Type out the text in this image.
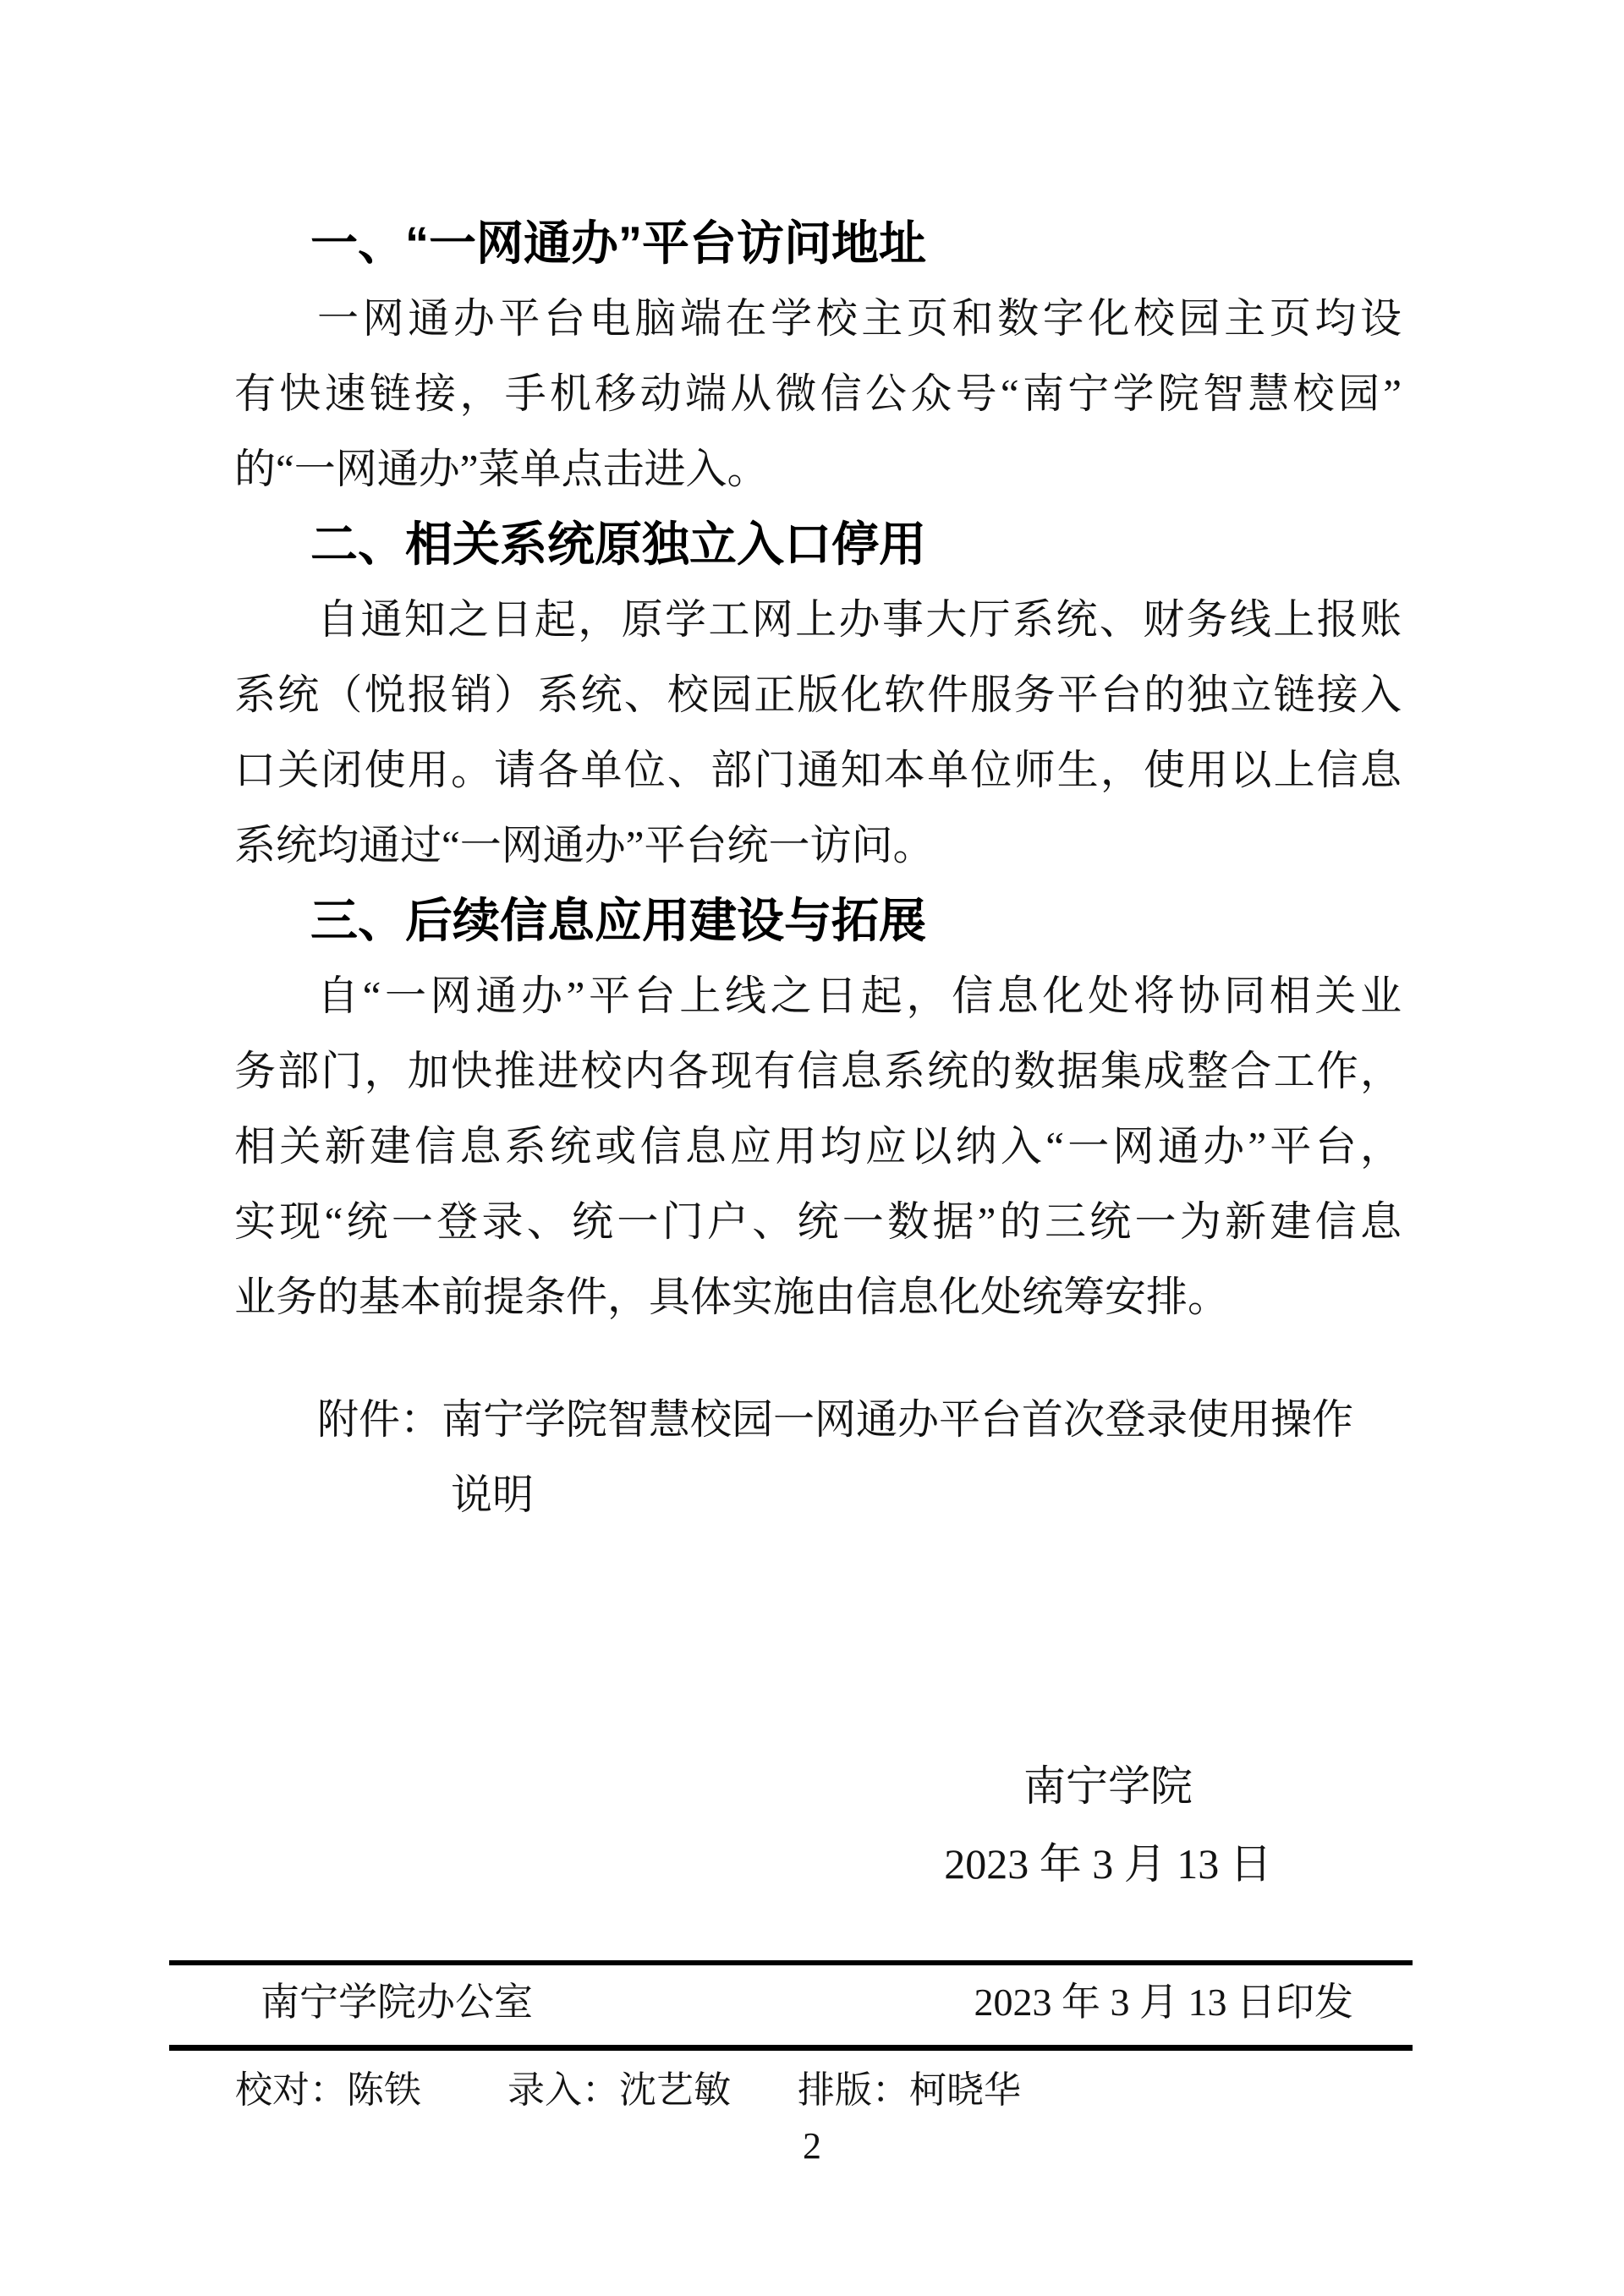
一、“一网通办”平台访问地址
一网通办平台电脑端在学校主页和数字化校园主页均设
有快速链接，手机移动端从微信公众号“南宁学院智慧校园”
的“一网通办”菜单点击进入。
二、相关系统原独立入口停用
自通知之日起，原学工网上办事大厅系统、财务线上报账
系统（悦报销）系统、校园正版化软件服务平台的独立链接入
口关闭使用。请各单位、部门通知本单位师生，使用以上信息
系统均通过“一网通办”平台统一访问。
三、后续信息应用建设与拓展
自“一网通办”平台上线之日起，信息化处将协同相关业
务部门，加快推进校内各现有信息系统的数据集成整合工作，
相关新建信息系统或信息应用均应以纳入“一网通办”平台，
实现“统一登录、统一门户、统一数据”的三统一为新建信息
业务的基本前提条件，具体实施由信息化处统筹安排。
附件：南宁学院智慧校园一网通办平台首次登录使用操作
说明
南宁学院
2023 年 3 月 13 日
南宁学院办公室	2023 年 3 月 13 日印发
校对：陈铁 录入：沈艺敏 排版：柯晓华
2
